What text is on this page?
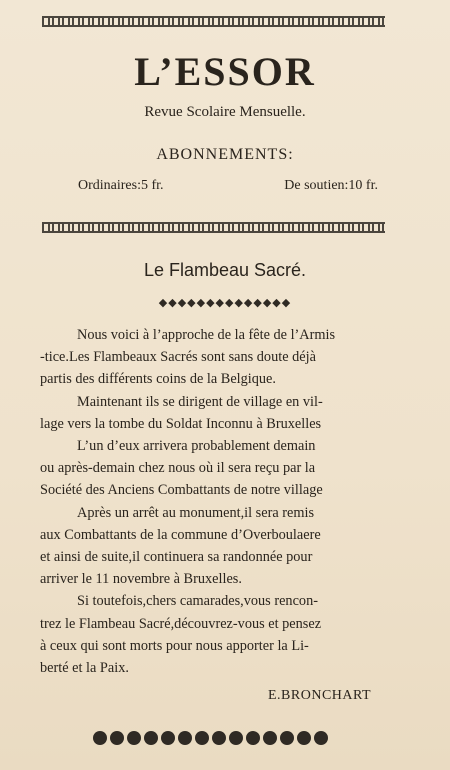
L’ESSOR
Revue Scolaire Mensuelle.
ABONNEMENTS:
Ordinaires:5 fr.	De soutien:10 fr.
Le Flambeau Sacré.
◆◆◆◆◆◆◆◆◆◆◆◆◆◆
Nous voici à l’approche de la fête de l’Armis
-tice.Les Flambeaux Sacrés sont sans doute déjà
partis des différents coins de la Belgique.
Maintenant ils se dirigent de village en vil-
lage vers la tombe du Soldat Inconnu à Bruxelles
L’un d’eux arrivera probablement demain
ou après-demain chez nous où il sera reçu par la
Société des Anciens Combattants de notre village
Après un arrêt au monument,il sera remis
aux Combattants de la commune d’Overboulaere
et ainsi de suite,il continuera sa randonnée pour
arriver le 11 novembre à Bruxelles.
Si toutefois,chers camarades,vous rencon-
trez le Flambeau Sacré,découvrez-vous et pensez
à ceux qui sont morts pour nous apporter la Li-
berté et la Paix.
E.BRONCHART
